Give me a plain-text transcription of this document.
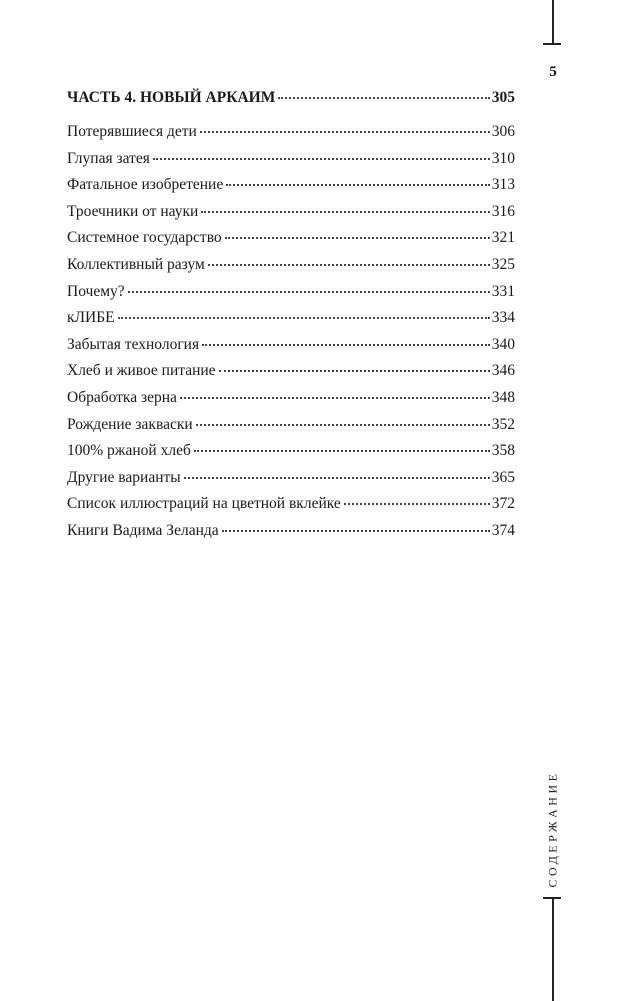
5
ЧАСТЬ 4. НОВЫЙ АРКАИМ	305
Потерявшиеся дети	306
Глупая затея	310
Фатальное изобретение	313
Троечники от науки	316
Системное государство	321
Коллективный разум	325
Почему?	331
кЛИБЕ	334
Забытая технология	340
Хлеб и живое питание	346
Обработка зерна	348
Рождение закваски	352
100% ржаной хлеб	358
Другие варианты	365
Список иллюстраций на цветной вклейке	372
Книги Вадима Зеланда	374
СОДЕРЖАНИЕ
